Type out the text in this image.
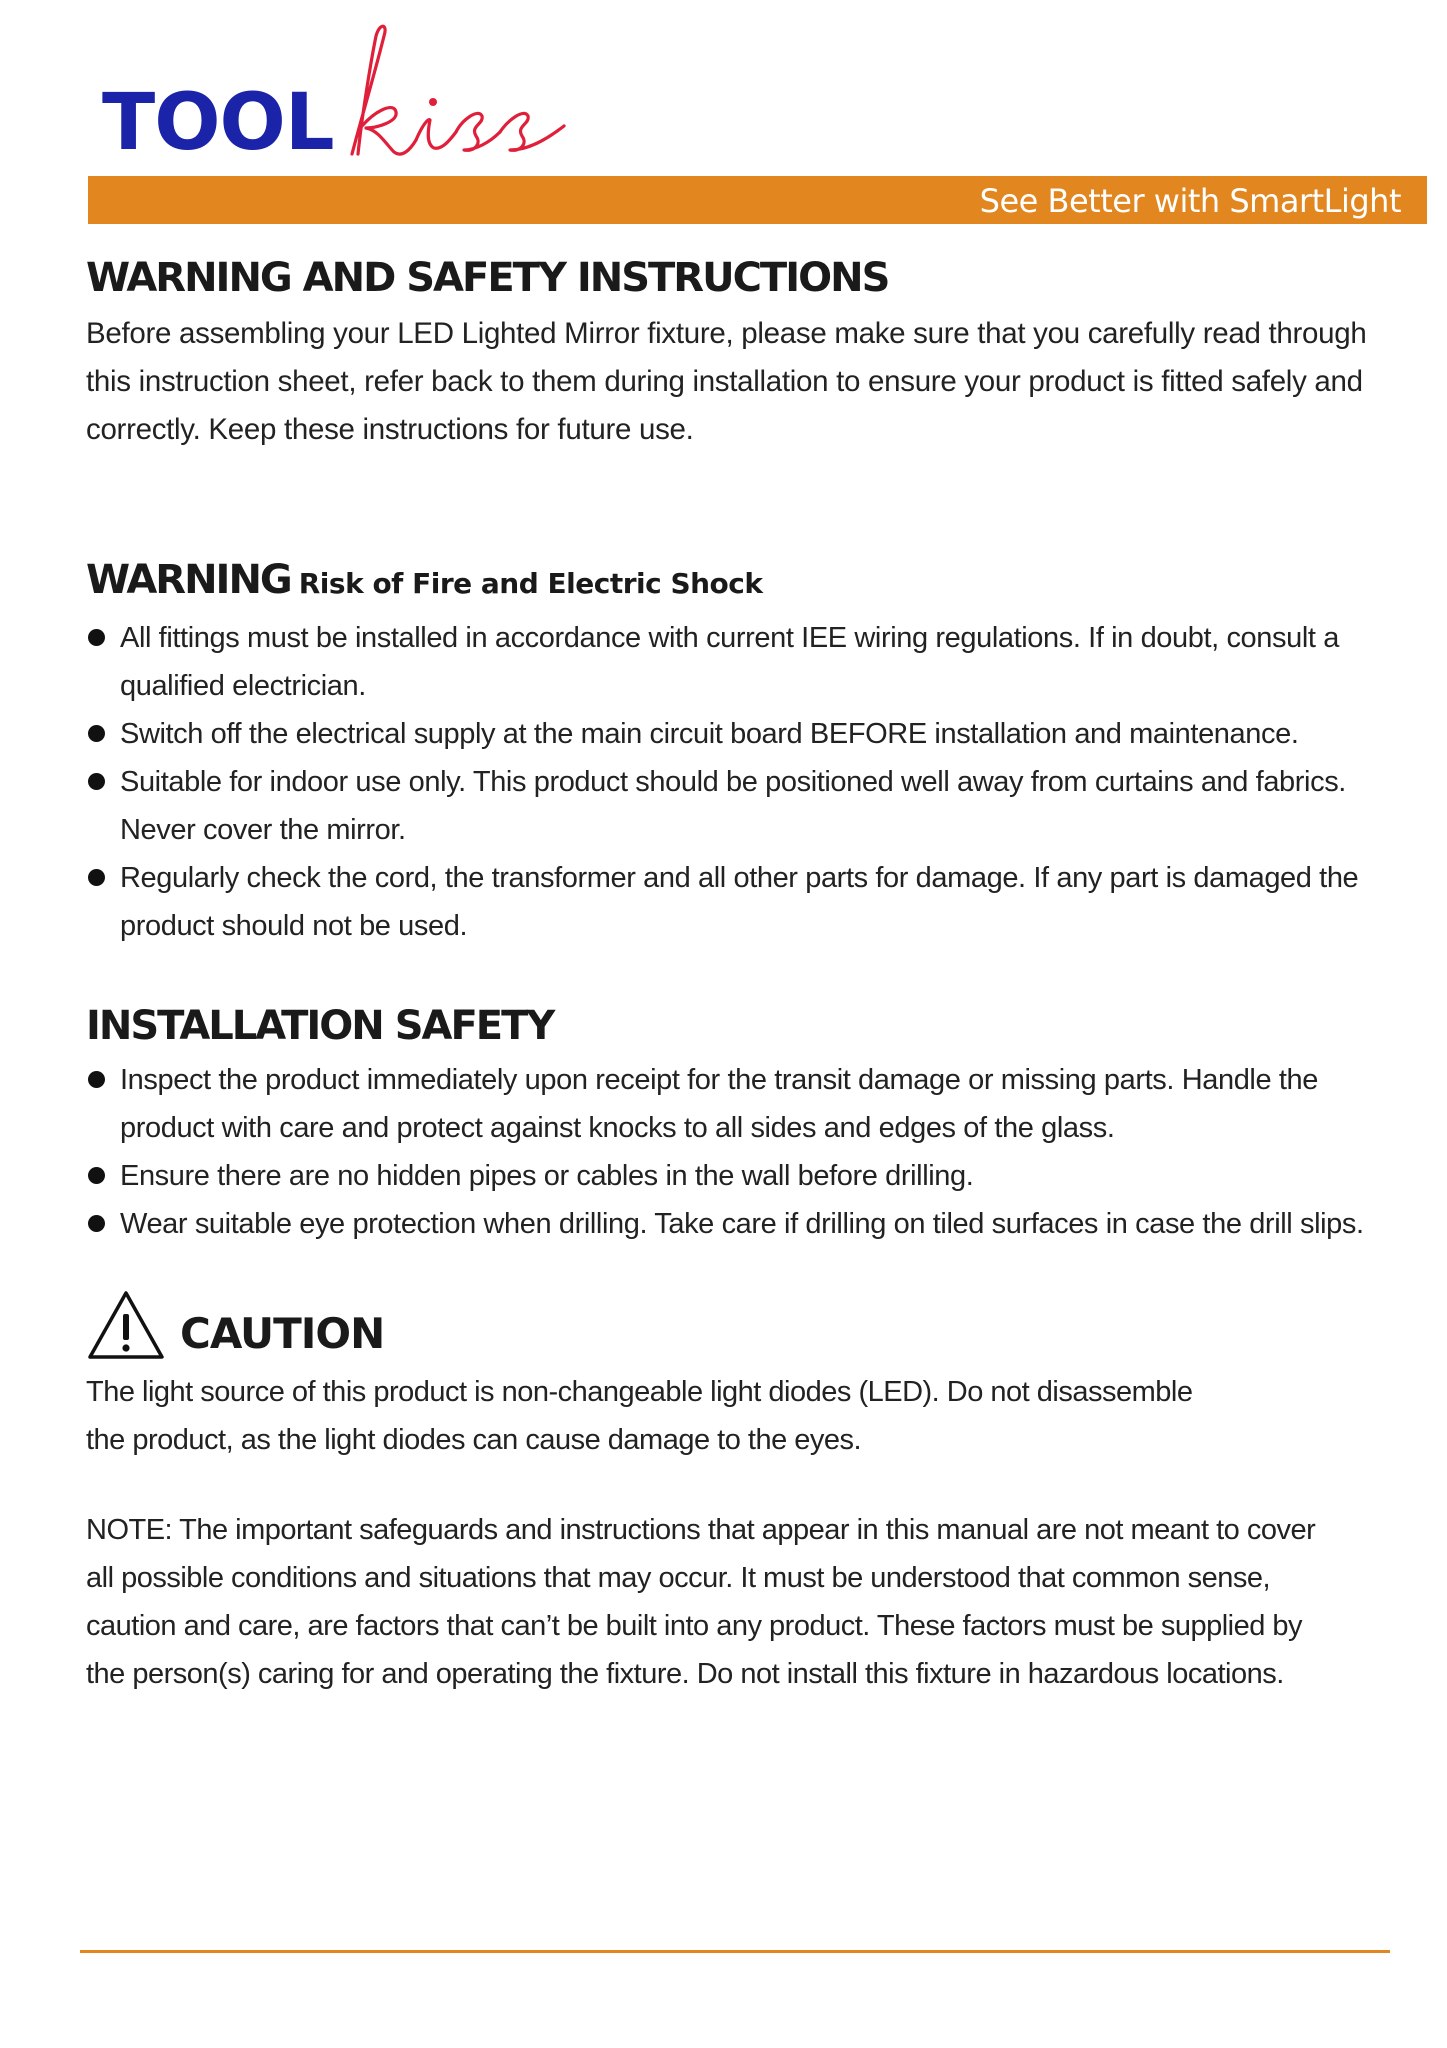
TOOL
See Better with SmartLight
WARNING AND SAFETY INSTRUCTIONS

Before assembling your LED Lighted Mirror fixture, please make sure that you carefully read through this instruction sheet, refer back to them during installation to ensure your product is fitted safely and correctly. Keep these instructions for future use.

WARNING Risk of Fire and Electric Shock
All fittings must be installed in accordance with current IEE wiring regulations. If in doubt, consult a qualified electrician.
Switch off the electrical supply at the main circuit board BEFORE installation and maintenance.
Suitable for indoor use only. This product should be positioned well away from curtains and fabrics. Never cover the mirror.
Regularly check the cord, the transformer and all other parts for damage. If any part is damaged the product should not be used.
INSTALLATION SAFETY
Inspect the product immediately upon receipt for the transit damage or missing parts. Handle the product with care and protect against knocks to all sides and edges of the glass.
Ensure there are no hidden pipes or cables in the wall before drilling.
Wear suitable eye protection when drilling. Take care if drilling on tiled surfaces in case the drill slips.
CAUTION

The light source of this product is non-changeable light diodes (LED). Do not disassemble the product, as the light diodes can cause damage to the eyes.

NOTE: The important safeguards and instructions that appear in this manual are not meant to cover all possible conditions and situations that may occur. It must be understood that common sense, caution and care, are factors that can’t be built into any product. These factors must be supplied by the person(s) caring for and operating the fixture. Do not install this fixture in hazardous locations.
